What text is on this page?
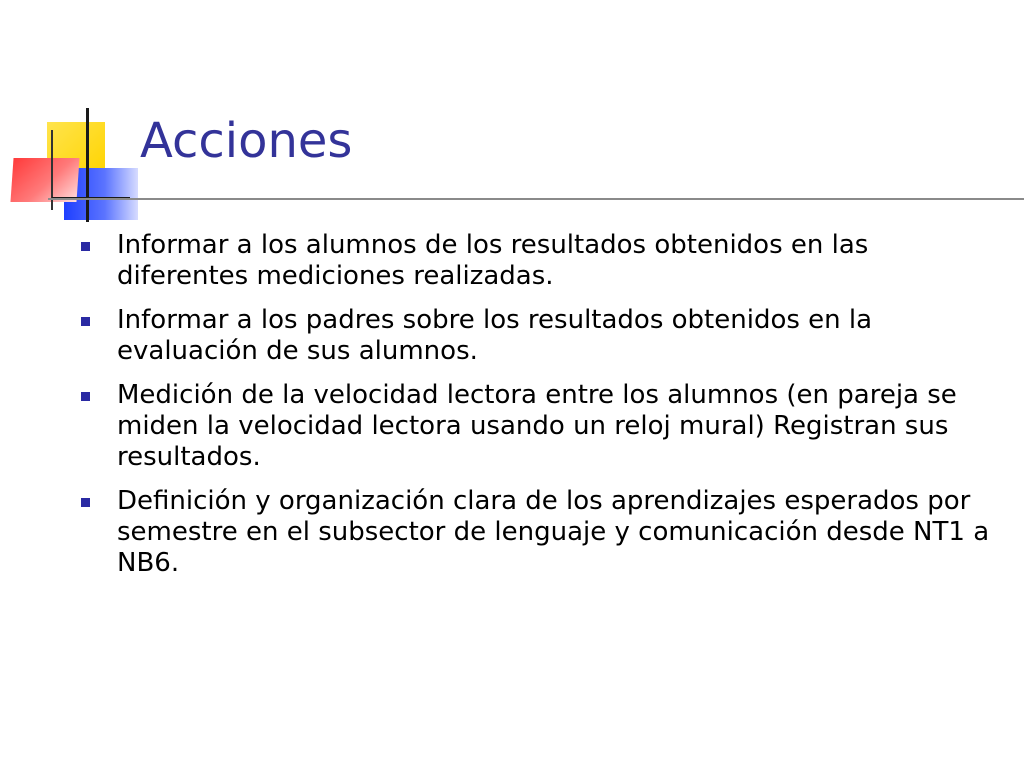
Acciones
Informar a los alumnos de los resultados obtenidos en las diferentes mediciones realizadas.
Informar a los padres sobre los resultados obtenidos en la evaluación de sus alumnos.
Medición de la velocidad lectora entre los alumnos (en pareja se miden la velocidad lectora usando un reloj mural) Registran sus resultados.
Definición y organización clara de los aprendizajes esperados por semestre en el subsector de lenguaje y comunicación desde NT1 a NB6.
